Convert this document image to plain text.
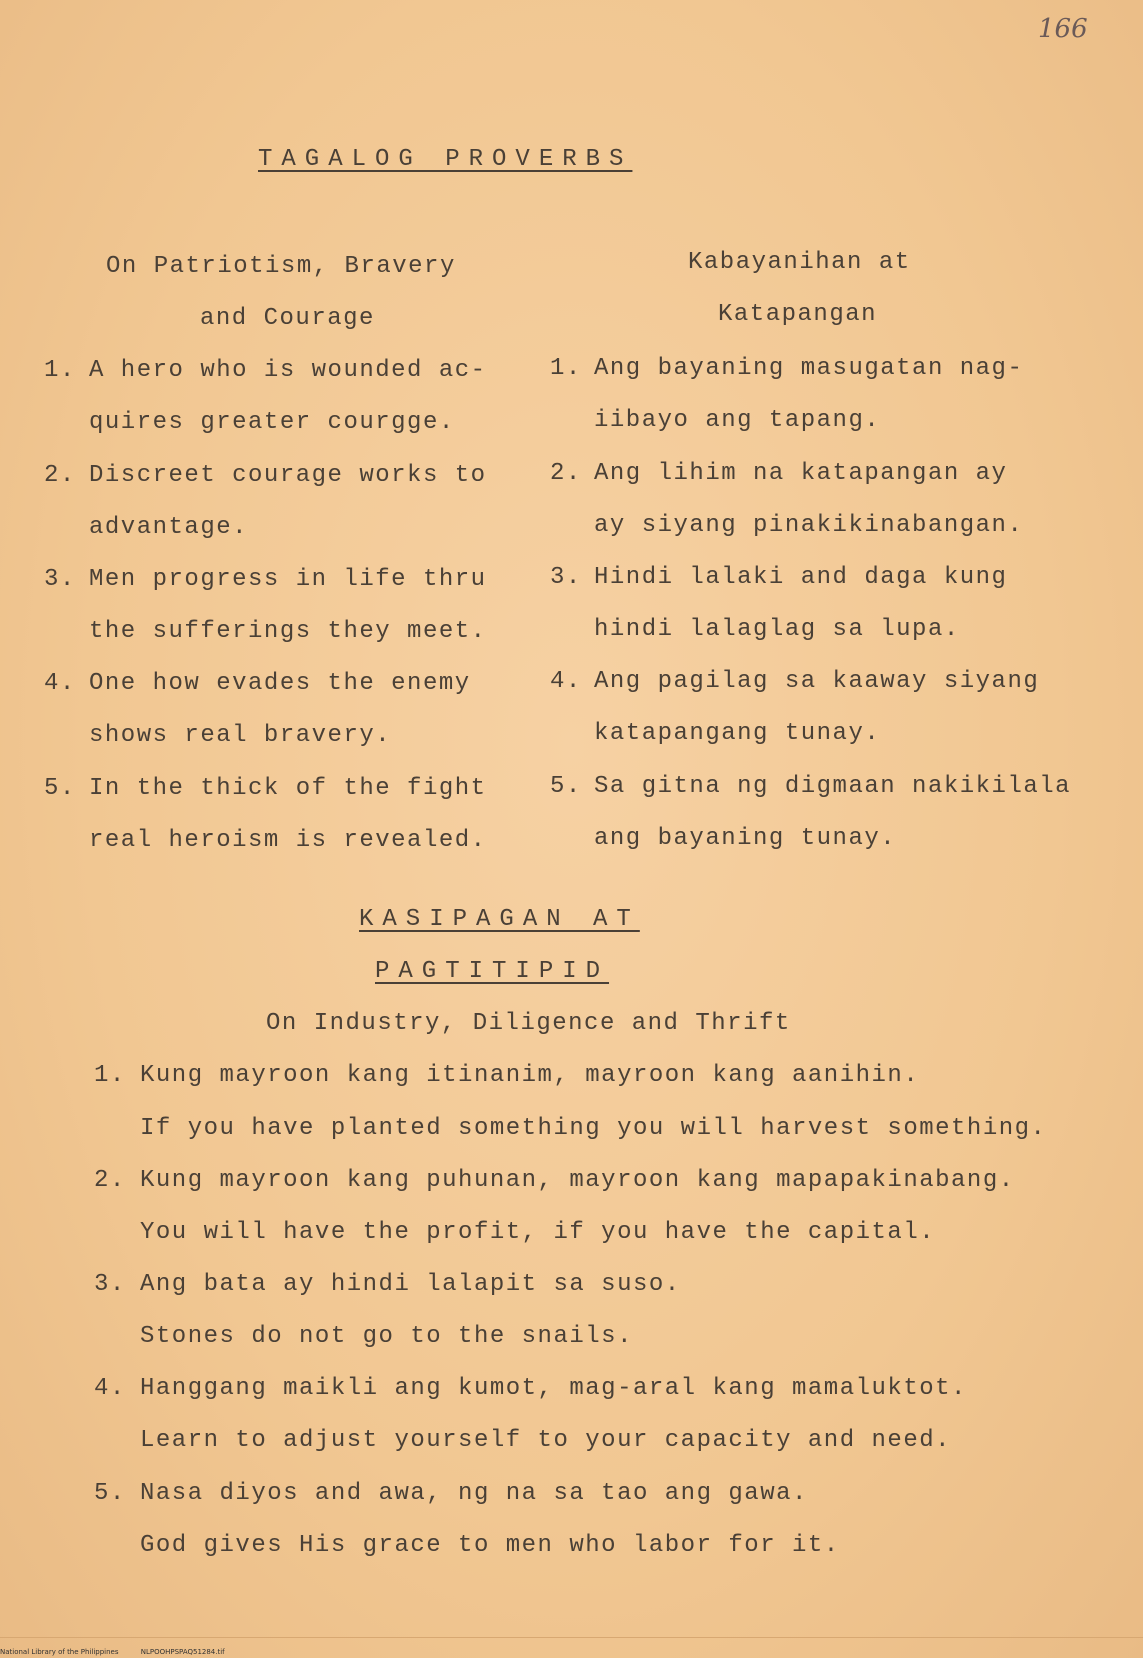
166
TAGALOG PROVERBS
On Patriotism, Bravery
and Courage
1. A hero who is wounded ac-
quires greater courgge.
2. Discreet courage works to
advantage.
3. Men progress in life thru
the sufferings they meet.
4. One how evades the enemy
shows real bravery.
5. In the thick of the fight
real heroism is revealed.
Kabayanihan at
Katapangan
1. Ang bayaning masugatan nag-
iibayo ang tapang.
2. Ang lihim na katapangan ay
ay siyang pinakikinabangan.
3. Hindi lalaki and daga kung
hindi lalaglag sa lupa.
4. Ang pagilag sa kaaway siyang
katapangang tunay.
5. Sa gitna ng digmaan nakikilala
ang bayaning tunay.
KASIPAGAN AT
PAGTITIPID
On Industry, Diligence and Thrift
1. Kung mayroon kang itinanim, mayroon kang aanihin.
If you have planted something you will harvest something.
2. Kung mayroon kang puhunan, mayroon kang mapapakinabang.
You will have the profit, if you have the capital.
3. Ang bata ay hindi lalapit sa suso.
Stones do not go to the snails.
4. Hanggang maikli ang kumot, mag-aral kang mamaluktot.
Learn to adjust yourself to your capacity and need.
5. Nasa diyos and awa, ng na sa tao ang gawa.
God gives His grace to men who labor for it.
National Library of the Philippines	NLPOOHPSPAQ51284.tif
